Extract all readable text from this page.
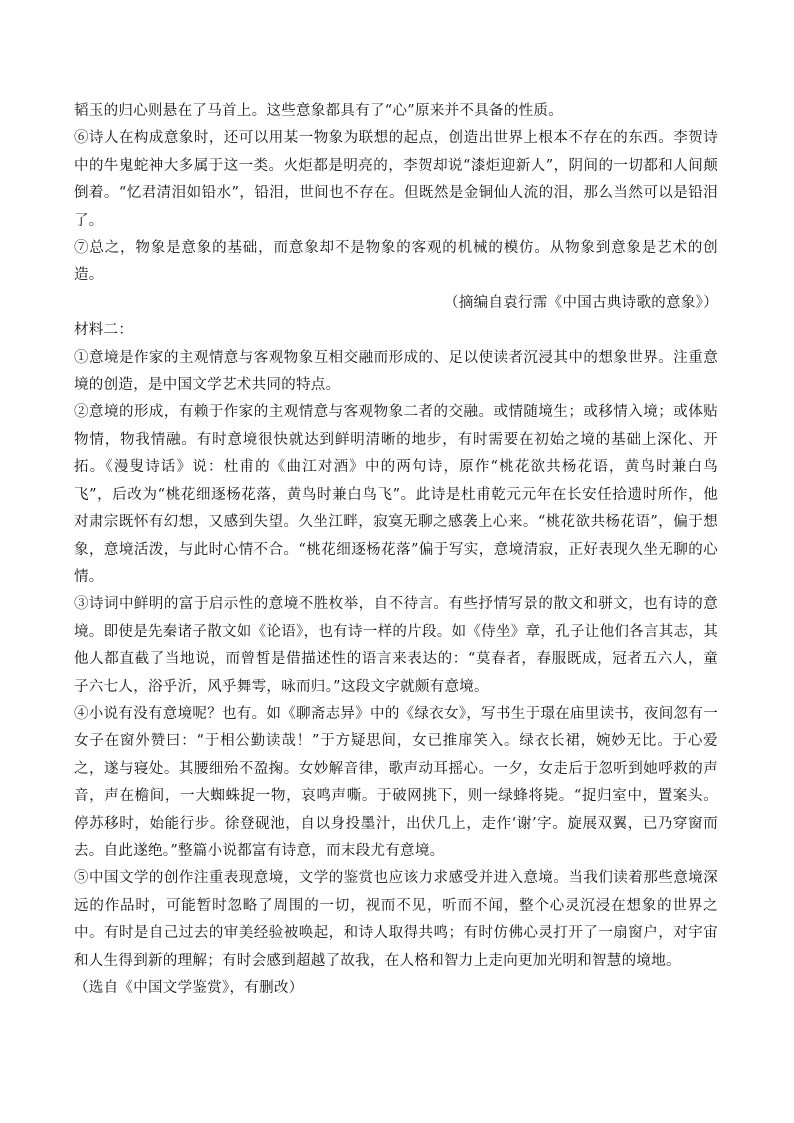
韬玉的归心则悬在了马首上。这些意象都具有了“心”原来并不具备的性质。

⑥诗人在构成意象时，还可以用某一物象为联想的起点，创造出世界上根本不存在的东西。李贺诗中的牛鬼蛇神大多属于这一类。火炬都是明亮的，李贺却说“漆炬迎新人”，阴间的一切都和人间颠倒着。“忆君清泪如铅水”，铅泪，世间也不存在。但既然是金铜仙人流的泪，那么当然可以是铅泪了。

⑦总之，物象是意象的基础，而意象却不是物象的客观的机械的模仿。从物象到意象是艺术的创造。

（摘编自袁行霈《中国古典诗歌的意象》）

材料二：

①意境是作家的主观情意与客观物象互相交融而形成的、足以使读者沉浸其中的想象世界。注重意境的创造，是中国文学艺术共同的特点。

②意境的形成，有赖于作家的主观情意与客观物象二者的交融。或情随境生；或移情入境；或体贴物情，物我情融。有时意境很快就达到鲜明清晰的地步，有时需要在初始之境的基础上深化、开拓。《漫叟诗话》说：杜甫的《曲江对酒》中的两句诗，原作“桃花欲共杨花语，黄鸟时兼白鸟飞”，后改为“桃花细逐杨花落，黄鸟时兼白鸟飞”。此诗是杜甫乾元元年在长安任拾遗时所作，他对肃宗既怀有幻想，又感到失望。久坐江畔，寂寞无聊之感袭上心来。“桃花欲共杨花语”，偏于想象，意境活泼，与此时心情不合。“桃花细逐杨花落”偏于写实，意境清寂，正好表现久坐无聊的心情。

③诗词中鲜明的富于启示性的意境不胜枚举，自不待言。有些抒情写景的散文和骈文，也有诗的意境。即使是先秦诸子散文如《论语》，也有诗一样的片段。如《侍坐》章，孔子让他们各言其志，其他人都直截了当地说，而曾皙是借描述性的语言来表达的：“莫春者，春服既成，冠者五六人，童子六七人，浴乎沂，风乎舞雩，咏而归。”这段文字就颇有意境。

④小说有没有意境呢？也有。如《聊斋志异》中的《绿衣女》，写书生于璟在庙里读书，夜间忽有一女子在窗外赞曰：“于相公勤读哉！”于方疑思间，女已推扉笑入。绿衣长裙，婉妙无比。于心爱之，遂与寝处。其腰细殆不盈掬。女妙解音律，歌声动耳摇心。一夕，女走后于忽听到她呼救的声音，声在檐间，一大蜘蛛捉一物，哀鸣声嘶。于破网挑下，则一绿蜂将毙。“捉归室中，置案头。停苏移时，始能行步。徐登砚池，自以身投墨汁，出伏几上，走作‘谢’字。旋展双翼，已乃穿窗而去。自此遂绝。”整篇小说都富有诗意，而末段尤有意境。

⑤中国文学的创作注重表现意境，文学的鉴赏也应该力求感受并进入意境。当我们读着那些意境深远的作品时，可能暂时忽略了周围的一切，视而不见，听而不闻，整个心灵沉浸在想象的世界之中。有时是自己过去的审美经验被唤起，和诗人取得共鸣；有时仿佛心灵打开了一扇窗户，对宇宙和人生得到新的理解；有时会感到超越了故我，在人格和智力上走向更加光明和智慧的境地。

（选自《中国文学鉴赏》，有删改）
